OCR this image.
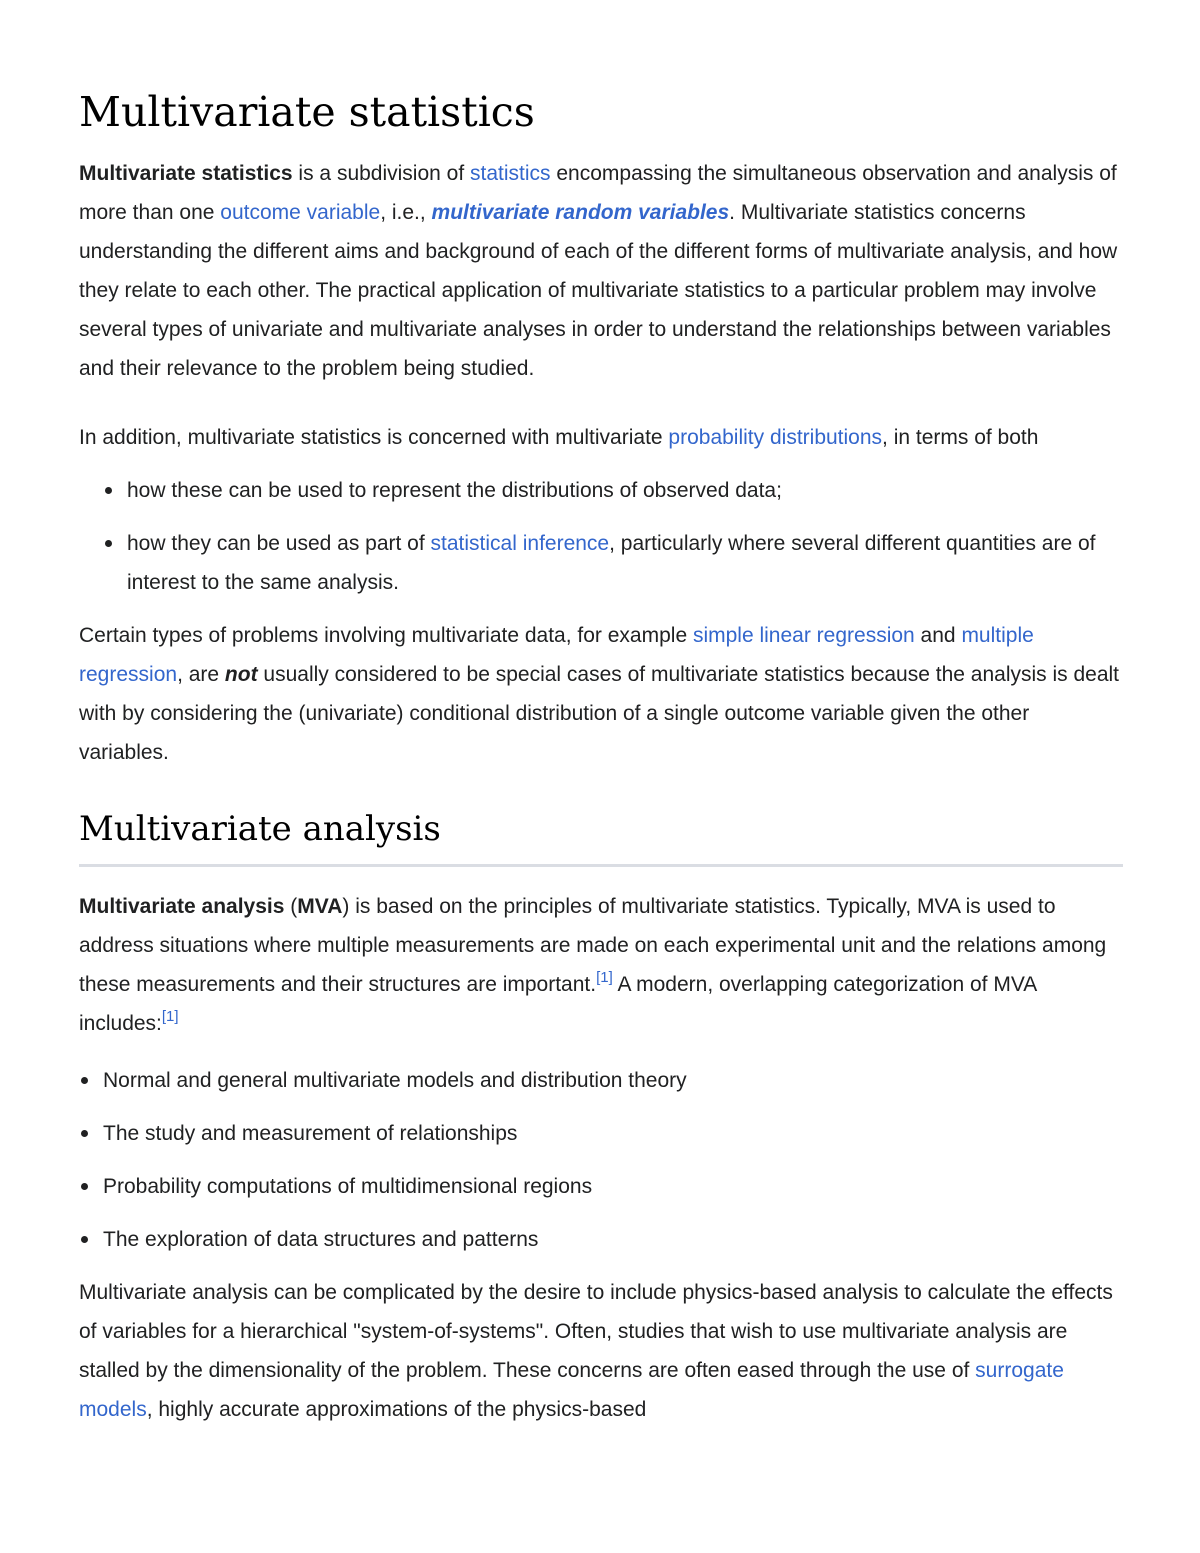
Multivariate statistics

Multivariate statistics is a subdivision of statistics encompassing the simultaneous observation and analysis of more than one outcome variable, i.e., multivariate random variables. Multivariate statistics concerns understanding the different aims and background of each of the different forms of multivariate analysis, and how they relate to each other. The practical application of multivariate statistics to a particular problem may involve several types of univariate and multivariate analyses in order to understand the relationships between variables and their relevance to the problem being studied.

In addition, multivariate statistics is concerned with multivariate probability distributions, in terms of both

how these can be used to represent the distributions of observed data;
how they can be used as part of statistical inference, particularly where several different quantities are of interest to the same analysis.

Certain types of problems involving multivariate data, for example simple linear regression and multiple regression, are not usually considered to be special cases of multivariate statistics because the analysis is dealt with by considering the (univariate) conditional distribution of a single outcome variable given the other variables.

Multivariate analysis

Multivariate analysis (MVA) is based on the principles of multivariate statistics. Typically, MVA is used to address situations where multiple measurements are made on each experimental unit and the relations among these measurements and their structures are important.[1] A modern, overlapping categorization of MVA includes:[1]

Normal and general multivariate models and distribution theory
The study and measurement of relationships
Probability computations of multidimensional regions
The exploration of data structures and patterns

Multivariate analysis can be complicated by the desire to include physics-based analysis to calculate the effects of variables for a hierarchical "system-of-systems". Often, studies that wish to use multivariate analysis are stalled by the dimensionality of the problem. These concerns are often eased through the use of surrogate models, highly accurate approximations of the physics-based
